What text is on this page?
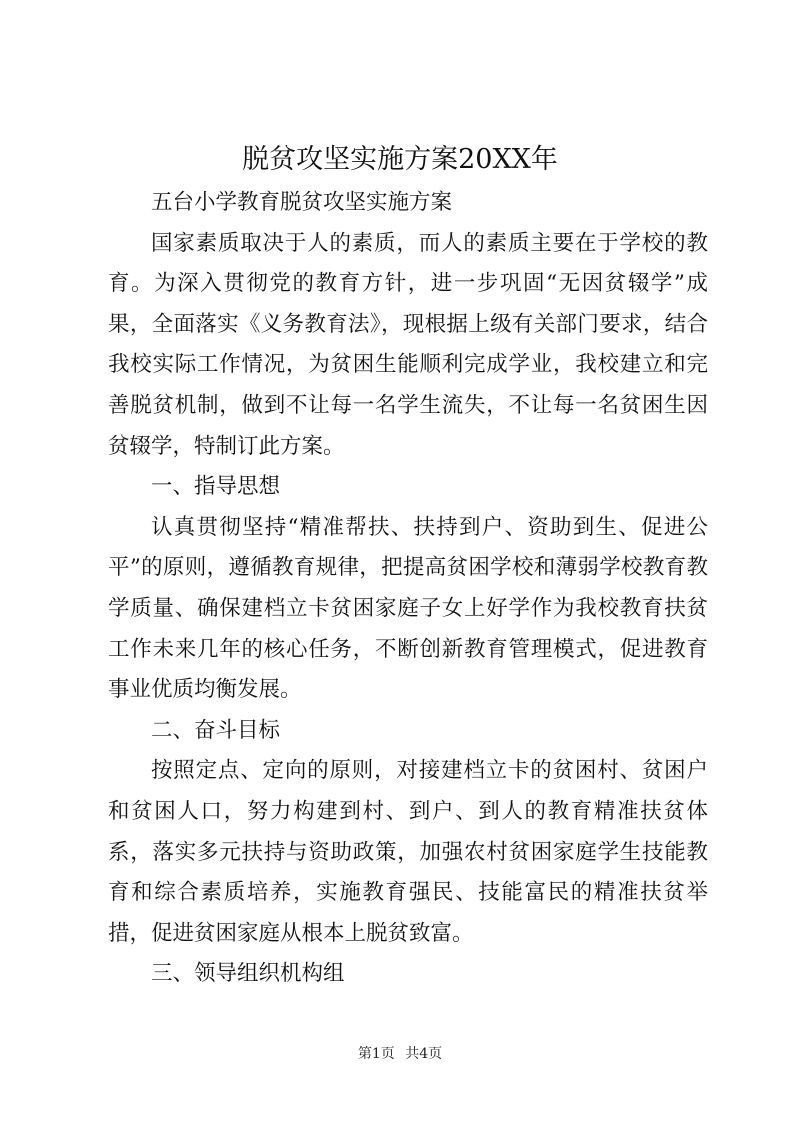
脱贫攻坚实施方案20XX年

五台小学教育脱贫攻坚实施方案

国家素质取决于人的素质，而人的素质主要在于学校的教育。为深入贯彻党的教育方针，进一步巩固“无因贫辍学”成果，全面落实《义务教育法》，现根据上级有关部门要求，结合我校实际工作情况，为贫困生能顺利完成学业，我校建立和完善脱贫机制，做到不让每一名学生流失，不让每一名贫困生因贫辍学，特制订此方案。

一、指导思想

认真贯彻坚持“精准帮扶、扶持到户、资助到生、促进公平”的原则，遵循教育规律，把提高贫困学校和薄弱学校教育教学质量、确保建档立卡贫困家庭子女上好学作为我校教育扶贫工作未来几年的核心任务，不断创新教育管理模式，促进教育事业优质均衡发展。

二、奋斗目标

按照定点、定向的原则，对接建档立卡的贫困村、贫困户和贫困人口，努力构建到村、到户、到人的教育精准扶贫体系，落实多元扶持与资助政策，加强农村贫困家庭学生技能教育和综合素质培养，实施教育强民、技能富民的精准扶贫举措，促进贫困家庭从根本上脱贫致富。

三、领导组织机构组

第1页 共4页
